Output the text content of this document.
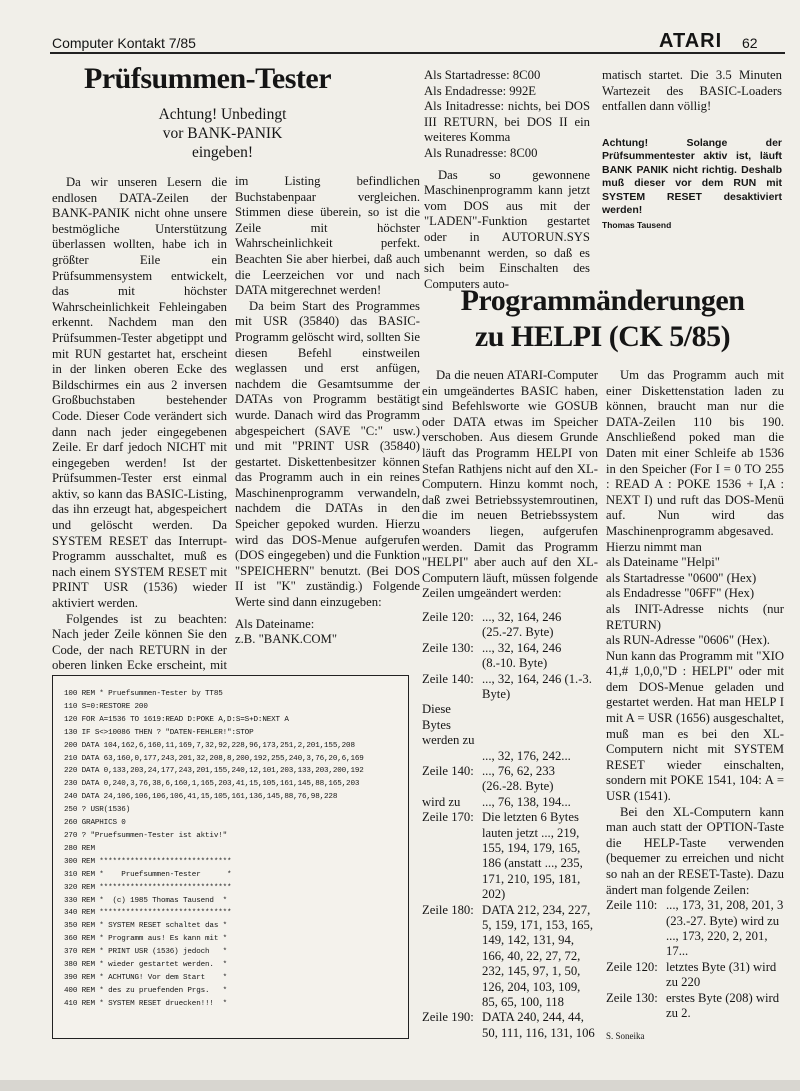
Computer Kontakt 7/85	ATARI 62
Prüfsummen-Tester
Achtung! Unbedingt
vor BANK-PANIK
eingeben!

Da wir unseren Lesern die endlosen DATA-Zeilen der BANK-PANIK nicht ohne unsere bestmögliche Unterstützung überlassen wollten, habe ich in größter Eile ein Prüfsummensystem entwickelt, das mit höchster Wahrscheinlichkeit Fehleingaben erkennt. Nachdem man den Prüfsummen-Tester abgetippt und mit RUN gestartet hat, erscheint in der linken oberen Ecke des Bildschirmes ein aus 2 inversen Großbuchstaben bestehender Code. Dieser Code verändert sich dann nach jeder eingegebenen Zeile. Er darf jedoch NICHT mit eingegeben werden! Ist der Prüfsummen-Tester erst einmal aktiv, so kann das BASIC-Listing, das ihn erzeugt hat, abgespeichert und gelöscht werden. Da SYSTEM RESET das Interrupt-Programm ausschaltet, muß es nach einem SYSTEM RESET mit PRINT USR (1536) wieder aktiviert werden.

Folgendes ist zu beachten: Nach jeder Zeile können Sie den Code, der nach RETURN in der oberen linken Ecke erscheint, mit

im Listing befindlichen Buchstabenpaar vergleichen. Stimmen diese überein, so ist die Zeile mit höchster Wahrscheinlichkeit perfekt. Beachten Sie aber hierbei, daß auch die Leerzeichen vor und nach DATA mitgerechnet werden!

Da beim Start des Programmes mit USR (35840) das BASIC-Programm gelöscht wird, sollten Sie diesen Befehl einstweilen weglassen und erst anfügen, nachdem die Gesamtsumme der DATAs von Programm bestätigt wurde. Danach wird das Programm abgespeichert (SAVE "C:" usw.) und mit "PRINT USR (35840) gestartet. Diskettenbesitzer können das Programm auch in ein reines Maschinenprogramm verwandeln, nachdem die DATAs in den Speicher gepoked wurden. Hierzu wird das DOS-Menue aufgerufen (DOS eingegeben) und die Funktion "SPEICHERN" benutzt. (Bei DOS II ist "K" zuständig.) Folgende Werte sind dann einzugeben:

Als Dateiname:

z.B. "BANK.COM"

Als Startadresse: 8C00

Als Endadresse: 992E

Als Initadresse: nichts, bei DOS III RETURN, bei DOS II ein weiteres Komma

Als Runadresse: 8C00

Das so gewonnene Maschinenprogramm kann jetzt vom DOS aus mit der "LADEN"-Funktion gestartet oder in AUTORUN.SYS umbenannt werden, so daß es sich beim Einschalten des Computers auto-

matisch startet. Die 3.5 Minuten Wartezeit des BASIC-Loaders entfallen dann völlig!

Achtung! Solange der Prüfsummentester aktiv ist, läuft BANK PANIK nicht richtig. Deshalb muß dieser vor dem RUN mit SYSTEM RESET desaktiviert werden!

Thomas Tausend

100 REM * Pruefsummen-Tester by TT85
110 S=0:RESTORE 200
120 FOR A=1536 TO 1619:READ D:POKE A,D:S=S+D:NEXT A
130 IF S<>10086 THEN ? "DATEN-FEHLER!":STOP
200 DATA 104,162,6,160,11,169,7,32,92,228,96,173,251,2,201,155,208
210 DATA 63,160,0,177,243,201,32,208,8,200,192,255,240,3,76,20,6,169
220 DATA 0,133,203,24,177,243,201,155,240,12,101,203,133,203,200,192
230 DATA 0,240,3,76,38,6,160,1,165,203,41,15,105,161,145,88,165,203
240 DATA 24,106,106,106,106,41,15,105,161,136,145,88,76,98,228
250 ? USR(1536)
260 GRAPHICS 0
270 ? "Pruefsummen-Tester ist aktiv!"
280 REM
300 REM ******************************
310 REM *    Pruefsummen-Tester      *
320 REM ******************************
330 REM *  (c) 1985 Thomas Tausend  *
340 REM ******************************
350 REM * SYSTEM RESET schaltet das *
360 REM * Programm aus! Es kann mit *
370 REM * PRINT USR (1536) jedoch   *
380 REM * wieder gestartet werden.  *
390 REM * ACHTUNG! Vor dem Start    *
400 REM * des zu pruefenden Prgs.   *
410 REM * SYSTEM RESET druecken!!!  *
Programmänderungen
zu HELPI (CK 5/85)

Da die neuen ATARI-Computer ein umgeändertes BASIC haben, sind Befehlsworte wie GOSUB oder DATA etwas im Speicher verschoben. Aus diesem Grunde läuft das Programm HELPI von Stefan Rathjens nicht auf den XL-Computern. Hinzu kommt noch, daß zwei Betriebssystemroutinen, die im neuen Betriebssystem woanders liegen, aufgerufen werden. Damit das Programm "HELPI" aber auch auf den XL-Computern läuft, müssen folgende Zeilen umgeändert werden:

Zeile 120: ..., 32, 164, 246 (25.-27. Byte)
Zeile 130: ..., 32, 164, 246 (8.-10. Byte)
Zeile 140: ..., 32, 164, 246 (1.-3. Byte)
Diese Bytes werden zu
..., 32, 176, 242...
Zeile 140: ..., 76, 62, 233 (26.-28. Byte)
wird zu	..., 76, 138, 194...
Zeile 170: Die letzten 6 Bytes lauten jetzt ..., 219, 155, 194, 179, 165, 186 (anstatt ..., 235, 171, 210, 195, 181, 202)
Zeile 180: DATA 212, 234, 227, 5, 159, 171, 153, 165, 149, 142, 131, 94, 166, 40, 22, 27, 72, 232, 145, 97, 1, 50, 126, 204, 103, 109, 85, 65, 100, 118
Zeile 190: DATA 240, 244, 44, 50, 111, 116, 131, 106

Um das Programm auch mit einer Diskettenstation laden zu können, braucht man nur die DATA-Zeilen 110 bis 190. Anschließend poked man die Daten mit einer Schleife ab 1536 in den Speicher (For I = 0 TO 255 : READ A : POKE 1536 + I,A : NEXT I) und ruft das DOS-Menü auf. Nun wird das Maschinenprogramm abgesaved.

Hierzu nimmt man

als Dateiname "Helpi"

als Startadresse "0600" (Hex)

als Endadresse "06FF" (Hex)

als INIT-Adresse nichts (nur RETURN)

als RUN-Adresse "0606" (Hex).

Nun kann das Programm mit "XIO 41,# 1,0,0,"D : HELPI" oder mit dem DOS-Menue geladen und gestartet werden. Hat man HELP I mit A = USR (1656) ausgeschaltet, muß man es bei den XL-Computern nicht mit SYSTEM RESET wieder einschalten, sondern mit POKE 1541, 104: A = USR (1541).

Bei den XL-Computern kann man auch statt der OPTION-Taste die HELP-Taste verwenden (bequemer zu erreichen und nicht so nah an der RESET-Taste). Dazu ändert man folgende Zeilen:

Zeile 110: ..., 173, 31, 208, 201, 3 (23.-27. Byte) wird zu ..., 173, 220, 2, 201, 17...
Zeile 120: letztes Byte (31) wird zu 220
Zeile 130: erstes Byte (208) wird zu 2.

S. Soneika
